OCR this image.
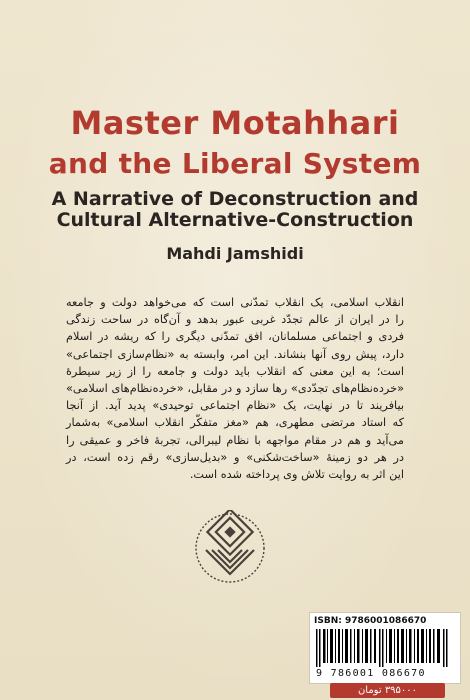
Master Motahhari
and the Liberal System
A Narrative of Deconstruction and
Cultural Alternative-Construction
Mahdi Jamshidi
انقلاب اسلامی، یک انقلاب تمدّنی است که می‌خواهد دولت و جامعه
را در ایران از عالم تجدّد غربی عبور بدهد و آن‌گاه در ساحت زندگی
فردی و اجتماعی مسلمانان، افق تمدّنی دیگری را که ریشه در اسلام
دارد، پیش روی آنها بنشاند. این امر، وابسته به «نظام‌سازی اجتماعی»
است؛ به این معنی که انقلاب باید دولت و جامعه را از زیر سیطرهٔ
«خرده‌نظام‌های تجدّدی» رها سازد و در مقابل، «خرده‌نظام‌های اسلامی»
بیافریند تا در نهایت، یک «نظام اجتماعی توحیدی» پدید آید. از آنجا
که استاد مرتضی مطهری، هم «مغز متفکّر انقلاب اسلامی» به‌شمار
می‌آید و هم در مقام مواجهه با نظام لیبرالی، تجربهٔ فاخر و عمیقی را
در هر دو زمینهٔ «ساخت‌شکنی» و «بدیل‌سازی» رقم زده است، در
این اثر به روایت تلاش وی پرداخته شده است.
ISBN: 9786001086670
9 786001 086670
۳۹۵۰۰۰ تومان
